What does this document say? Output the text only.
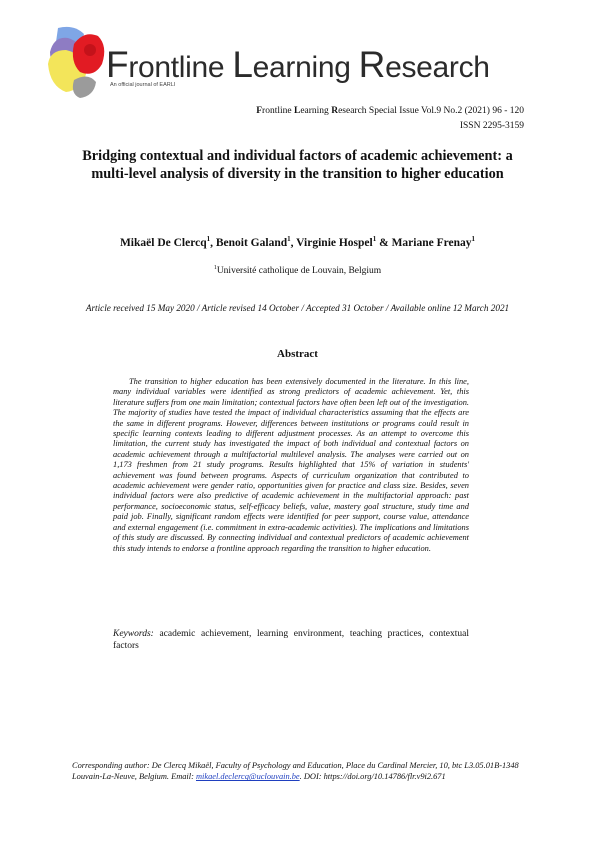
Frontline Learning Research
An official journal of EARLI
Frontline Learning Research Special Issue Vol.9 No.2 (2021) 96 - 120
ISSN 2295-3159
Bridging contextual and individual factors of academic achievement: a multi-level analysis of diversity in the transition to higher education
Mikaël De Clercq$^1$, Benoit Galand$^1$, Virginie Hospel$^1$ & Mariane Frenay$^1$
$^1$Université catholique de Louvain, Belgium
Article received 15 May 2020 / Article revised 14 October / Accepted 31 October / Available online 12 March 2021
Abstract
The transition to higher education has been extensively documented in the literature. In this line, many individual variables were identified as strong predictors of academic achievement. Yet, this literature suffers from one main limitation; contextual factors have often been left out of the investigation. The majority of studies have tested the impact of individual characteristics assuming that the effects are the same in different programs. However, differences between institutions or programs could result in specific learning contexts leading to different adjustment processes. As an attempt to overcome this limitation, the current study has investigated the impact of both individual and contextual factors on academic achievement through a multifactorial multilevel analysis. The analyses were carried out on 1,173 freshmen from 21 study programs. Results highlighted that 15% of variation in students' achievement was found between programs. Aspects of curriculum organization that contributed to academic achievement were gender ratio, opportunities given for practice and class size. Besides, seven individual factors were also predictive of academic achievement in the multifactorial approach: past performance, socioeconomic status, self-efficacy beliefs, value, mastery goal structure, study time and paid job. Finally, significant random effects were identified for peer support, course value, attendance and external engagement (i.e. commitment in extra-academic activities). The implications and limitations of this study are discussed. By connecting individual and contextual predictors of academic achievement this study intends to endorse a frontline approach regarding the transition to higher education.
Keywords: academic achievement, learning environment, teaching practices, contextual factors
Corresponding author: De Clercq Mikaël, Faculty of Psychology and Education, Place du Cardinal Mercier, 10, btc L3.05.01B-1348 Louvain-La-Neuve, Belgium. Email: mikael.declercq@uclouvain.be. DOI: https://doi.org/10.14786/flr.v9i2.671
